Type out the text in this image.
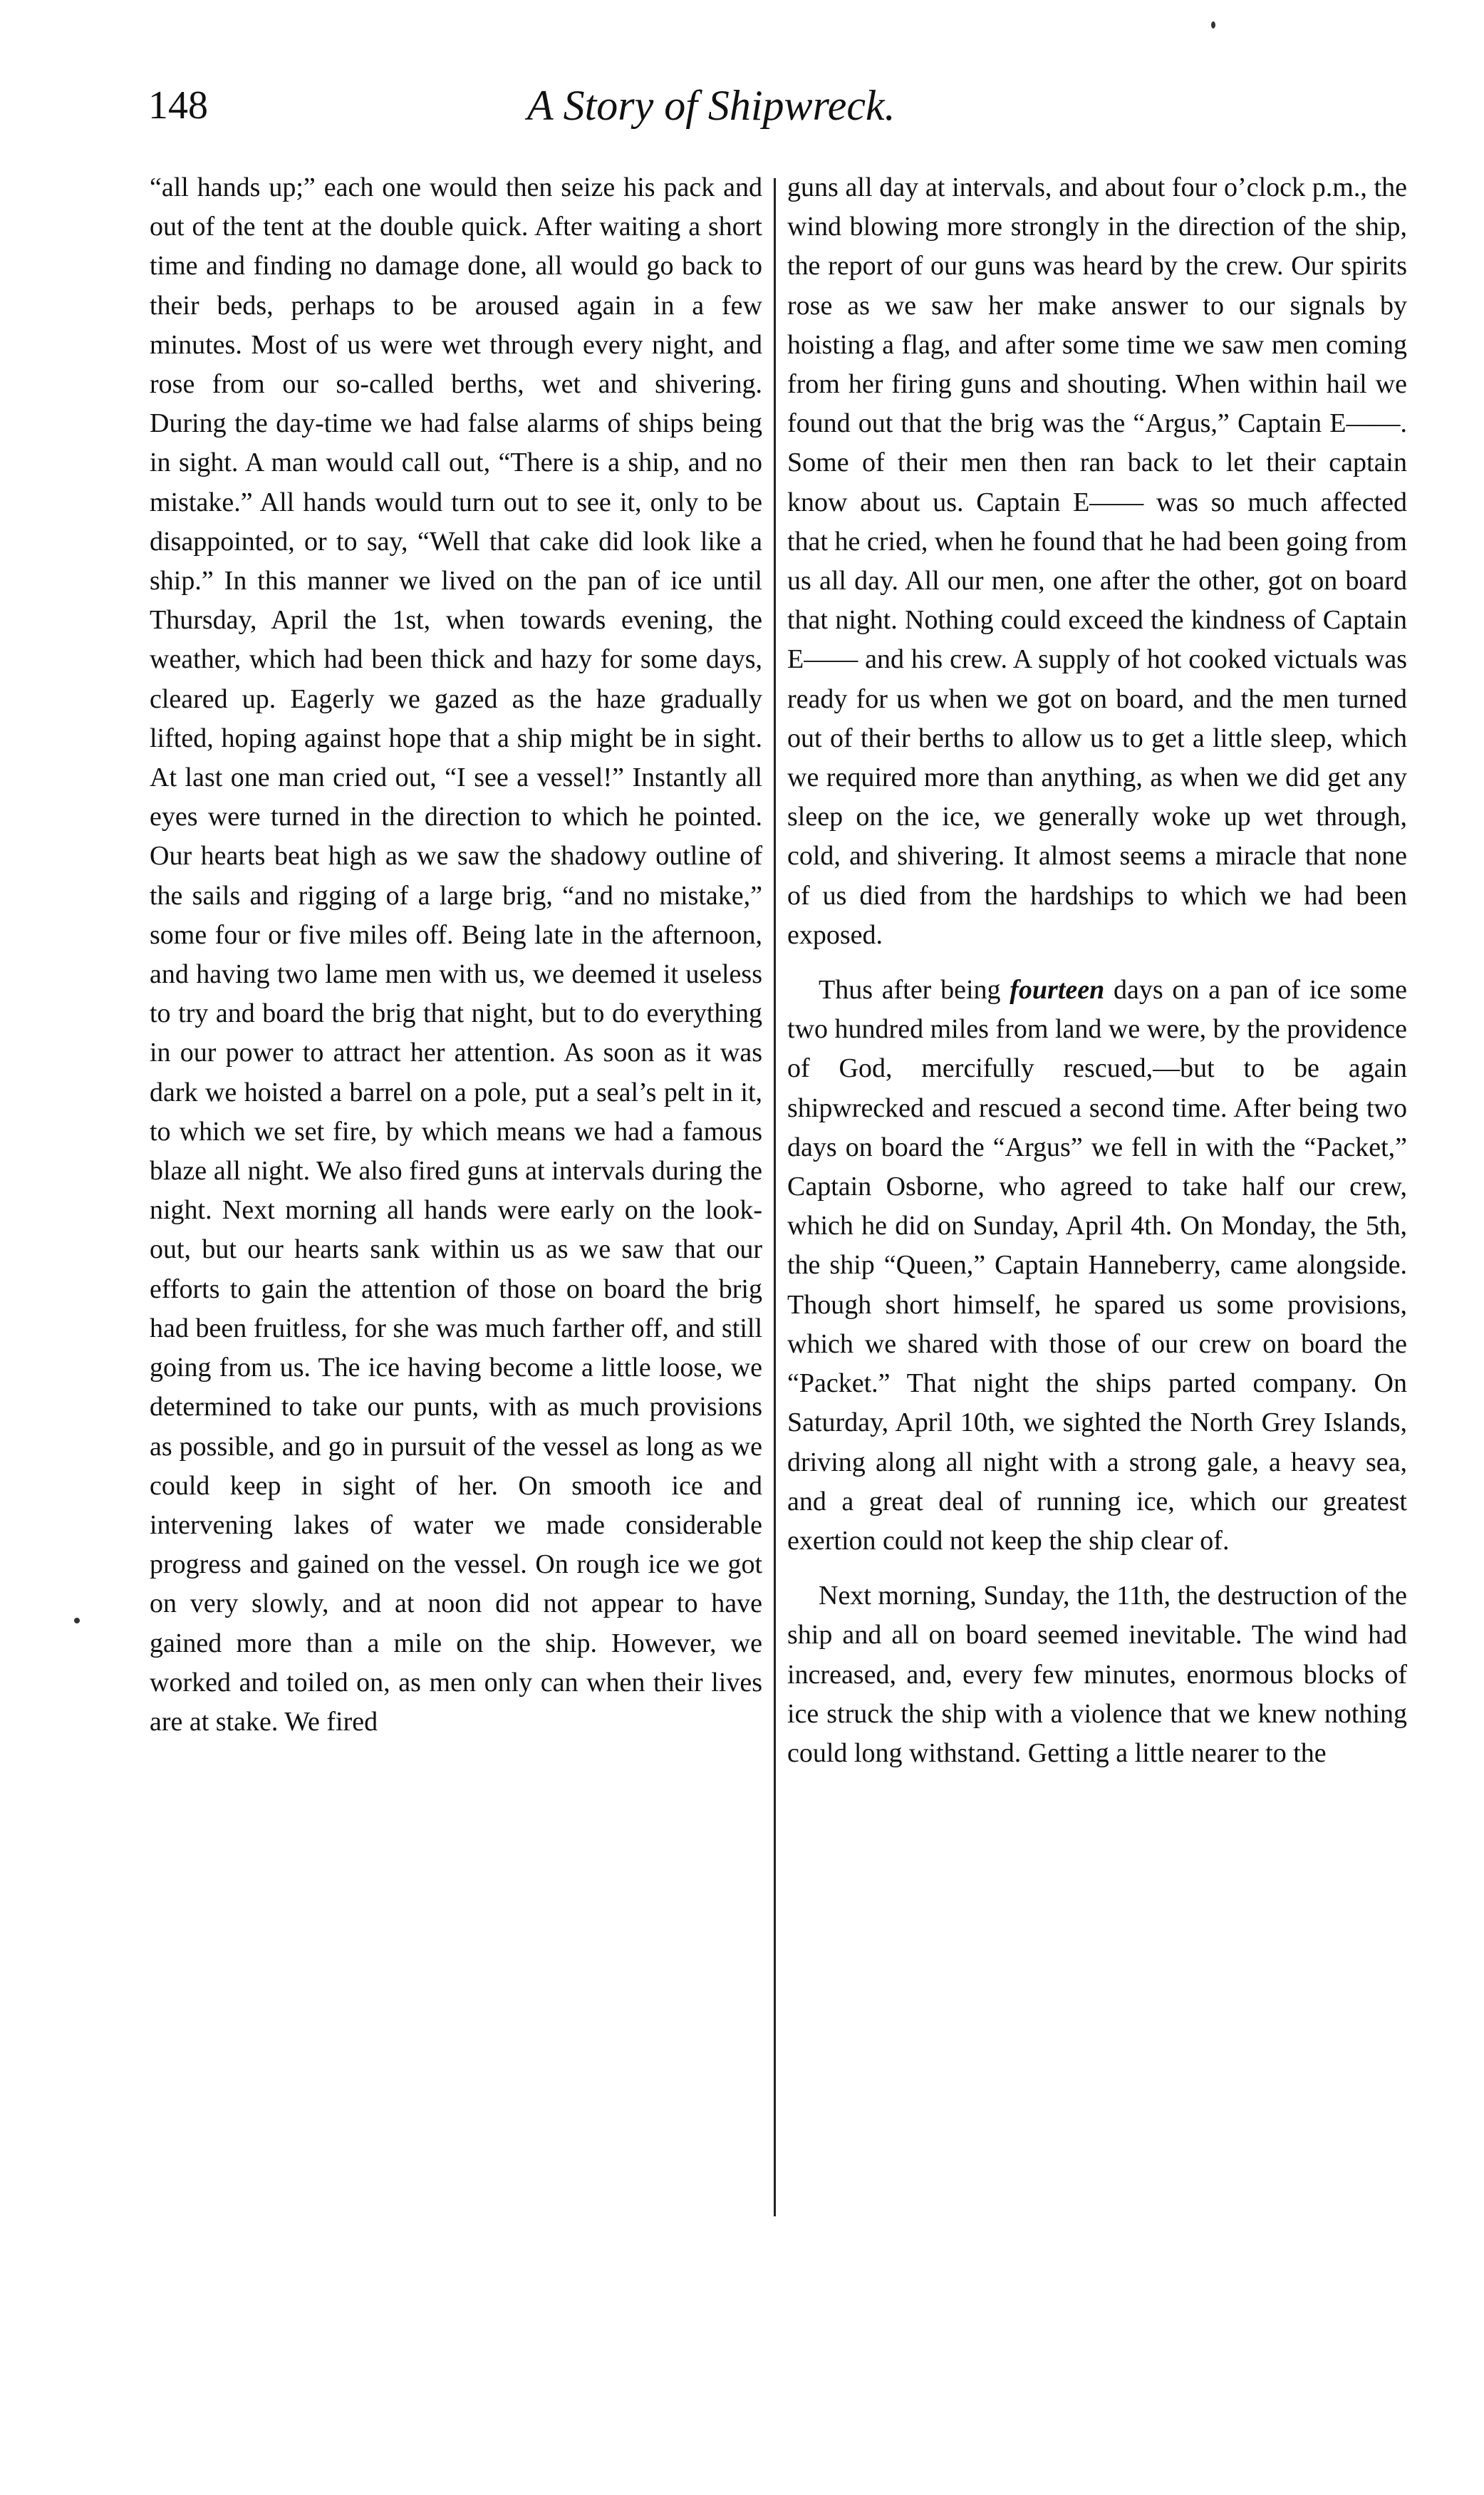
148	A Story of Shipwreck.

“all hands up;” each one would then seize his pack and out of the tent at the double quick. After waiting a short time and finding no damage done, all would go back to their beds, perhaps to be aroused again in a few minutes. Most of us were wet through every night, and rose from our so-called berths, wet and shivering. During the day-time we had false alarms of ships being in sight. A man would call out, “There is a ship, and no mistake.” All hands would turn out to see it, only to be disappointed, or to say, “Well that cake did look like a ship.” In this manner we lived on the pan of ice until Thursday, April the 1st, when towards evening, the weather, which had been thick and hazy for some days, cleared up. Eagerly we gazed as the haze gradually lifted, hoping against hope that a ship might be in sight. At last one man cried out, “I see a vessel!” Instantly all eyes were turned in the direction to which he pointed. Our hearts beat high as we saw the shadowy outline of the sails and rigging of a large brig, “and no mistake,” some four or five miles off. Being late in the afternoon, and having two lame men with us, we deemed it useless to try and board the brig that night, but to do everything in our power to attract her attention. As soon as it was dark we hoisted a barrel on a pole, put a seal’s pelt in it, to which we set fire, by which means we had a famous blaze all night. We also fired guns at intervals during the night. Next morning all hands were early on the look-out, but our hearts sank within us as we saw that our efforts to gain the attention of those on board the brig had been fruitless, for she was much farther off, and still going from us. The ice having become a little loose, we determined to take our punts, with as much provisions as possible, and go in pursuit of the vessel as long as we could keep in sight of her. On smooth ice and intervening lakes of water we made considerable progress and gained on the vessel. On rough ice we got on very slowly, and at noon did not appear to have gained more than a mile on the ship. However, we worked and toiled on, as men only can when their lives are at stake. We fired

guns all day at intervals, and about four o’clock p.m., the wind blowing more strongly in the direction of the ship, the report of our guns was heard by the crew. Our spirits rose as we saw her make answer to our signals by hoisting a flag, and after some time we saw men coming from her firing guns and shouting. When within hail we found out that the brig was the “Argus,” Captain E——. Some of their men then ran back to let their captain know about us. Captain E—— was so much affected that he cried, when he found that he had been going from us all day. All our men, one after the other, got on board that night. Nothing could exceed the kindness of Captain E—— and his crew. A supply of hot cooked victuals was ready for us when we got on board, and the men turned out of their berths to allow us to get a little sleep, which we required more than anything, as when we did get any sleep on the ice, we generally woke up wet through, cold, and shivering. It almost seems a miracle that none of us died from the hardships to which we had been exposed.

Thus after being fourteen days on a pan of ice some two hundred miles from land we were, by the providence of God, mercifully rescued,—but to be again shipwrecked and rescued a second time. After being two days on board the “Argus” we fell in with the “Packet,” Captain Osborne, who agreed to take half our crew, which he did on Sunday, April 4th. On Monday, the 5th, the ship “Queen,” Captain Hanneberry, came alongside. Though short himself, he spared us some provisions, which we shared with those of our crew on board the “Packet.” That night the ships parted company. On Saturday, April 10th, we sighted the North Grey Islands, driving along all night with a strong gale, a heavy sea, and a great deal of running ice, which our greatest exertion could not keep the ship clear of.

Next morning, Sunday, the 11th, the destruction of the ship and all on board seemed inevitable. The wind had increased, and, every few minutes, enormous blocks of ice struck the ship with a violence that we knew nothing could long withstand. Getting a little nearer to the
